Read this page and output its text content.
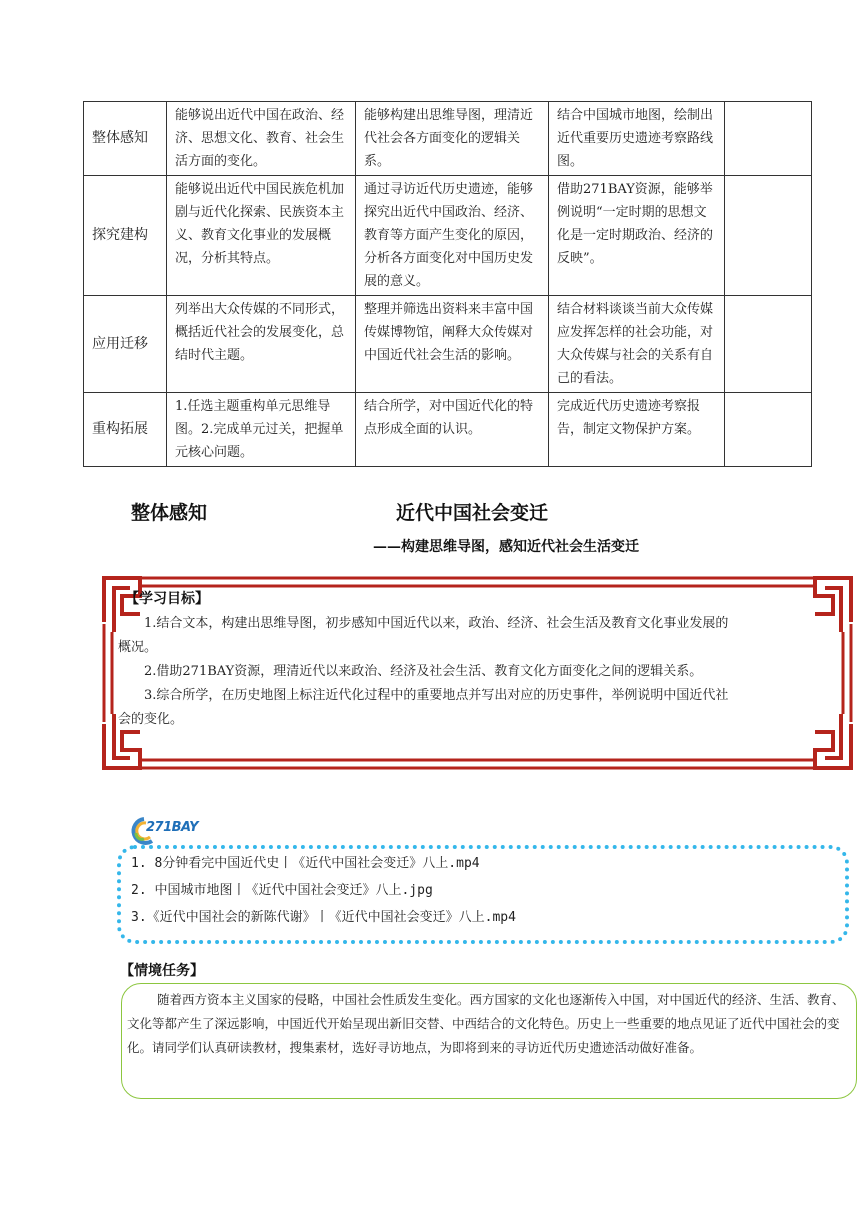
整体感知	能够说出近代中国在政治、经济、思想文化、教育、社会生活方面的变化。	能够构建出思维导图，理清近代社会各方面变化的逻辑关系。	结合中国城市地图，绘制出近代重要历史遗迹考察路线图。	
探究建构	能够说出近代中国民族危机加剧与近代化探索、民族资本主义、教育文化事业的发展概况，分析其特点。	通过寻访近代历史遗迹，能够探究出近代中国政治、经济、教育等方面产生变化的原因，分析各方面变化对中国历史发展的意义。	借助271BAY资源，能够举例说明“一定时期的思想文化是一定时期政治、经济的反映”。	
应用迁移	列举出大众传媒的不同形式，概括近代社会的发展变化，总结时代主题。	整理并筛选出资料来丰富中国传媒博物馆，阐释大众传媒对中国近代社会生活的影响。	结合材料谈谈当前大众传媒应发挥怎样的社会功能，对大众传媒与社会的关系有自己的看法。	
重构拓展	1.任选主题重构单元思维导图。2.完成单元过关，把握单元核心问题。	结合所学，对中国近代化的特点形成全面的认识。	完成近代历史遗迹考察报告，制定文物保护方案。	
整体感知	近代中国社会变迁
——构建思维导图，感知近代社会生活变迁
【学习目标】

1.结合文本，构建出思维导图，初步感知中国近代以来，政治、经济、社会生活及教育文化事业发展的概况。

2.借助271BAY资源，理清近代以来政治、经济及社会生活、教育文化方面变化之间的逻辑关系。

3.综合所学，在历史地图上标注近代化过程中的重要地点并写出对应的历史事件，举例说明中国近代社会的变化。

271BAY
1. 8分钟看完中国近代史丨《近代中国社会变迁》八上.mp4
2. 中国城市地图丨《近代中国社会变迁》八上.jpg
3.《近代中国社会的新陈代谢》丨《近代中国社会变迁》八上.mp4
【情境任务】

随着西方资本主义国家的侵略，中国社会性质发生变化。西方国家的文化也逐渐传入中国，对中国近代的经济、生活、教育、文化等都产生了深远影响，中国近代开始呈现出新旧交替、中西结合的文化特色。历史上一些重要的地点见证了近代中国社会的变化。请同学们认真研读教材，搜集素材，选好寻访地点，为即将到来的寻访近代历史遗迹活动做好准备。
